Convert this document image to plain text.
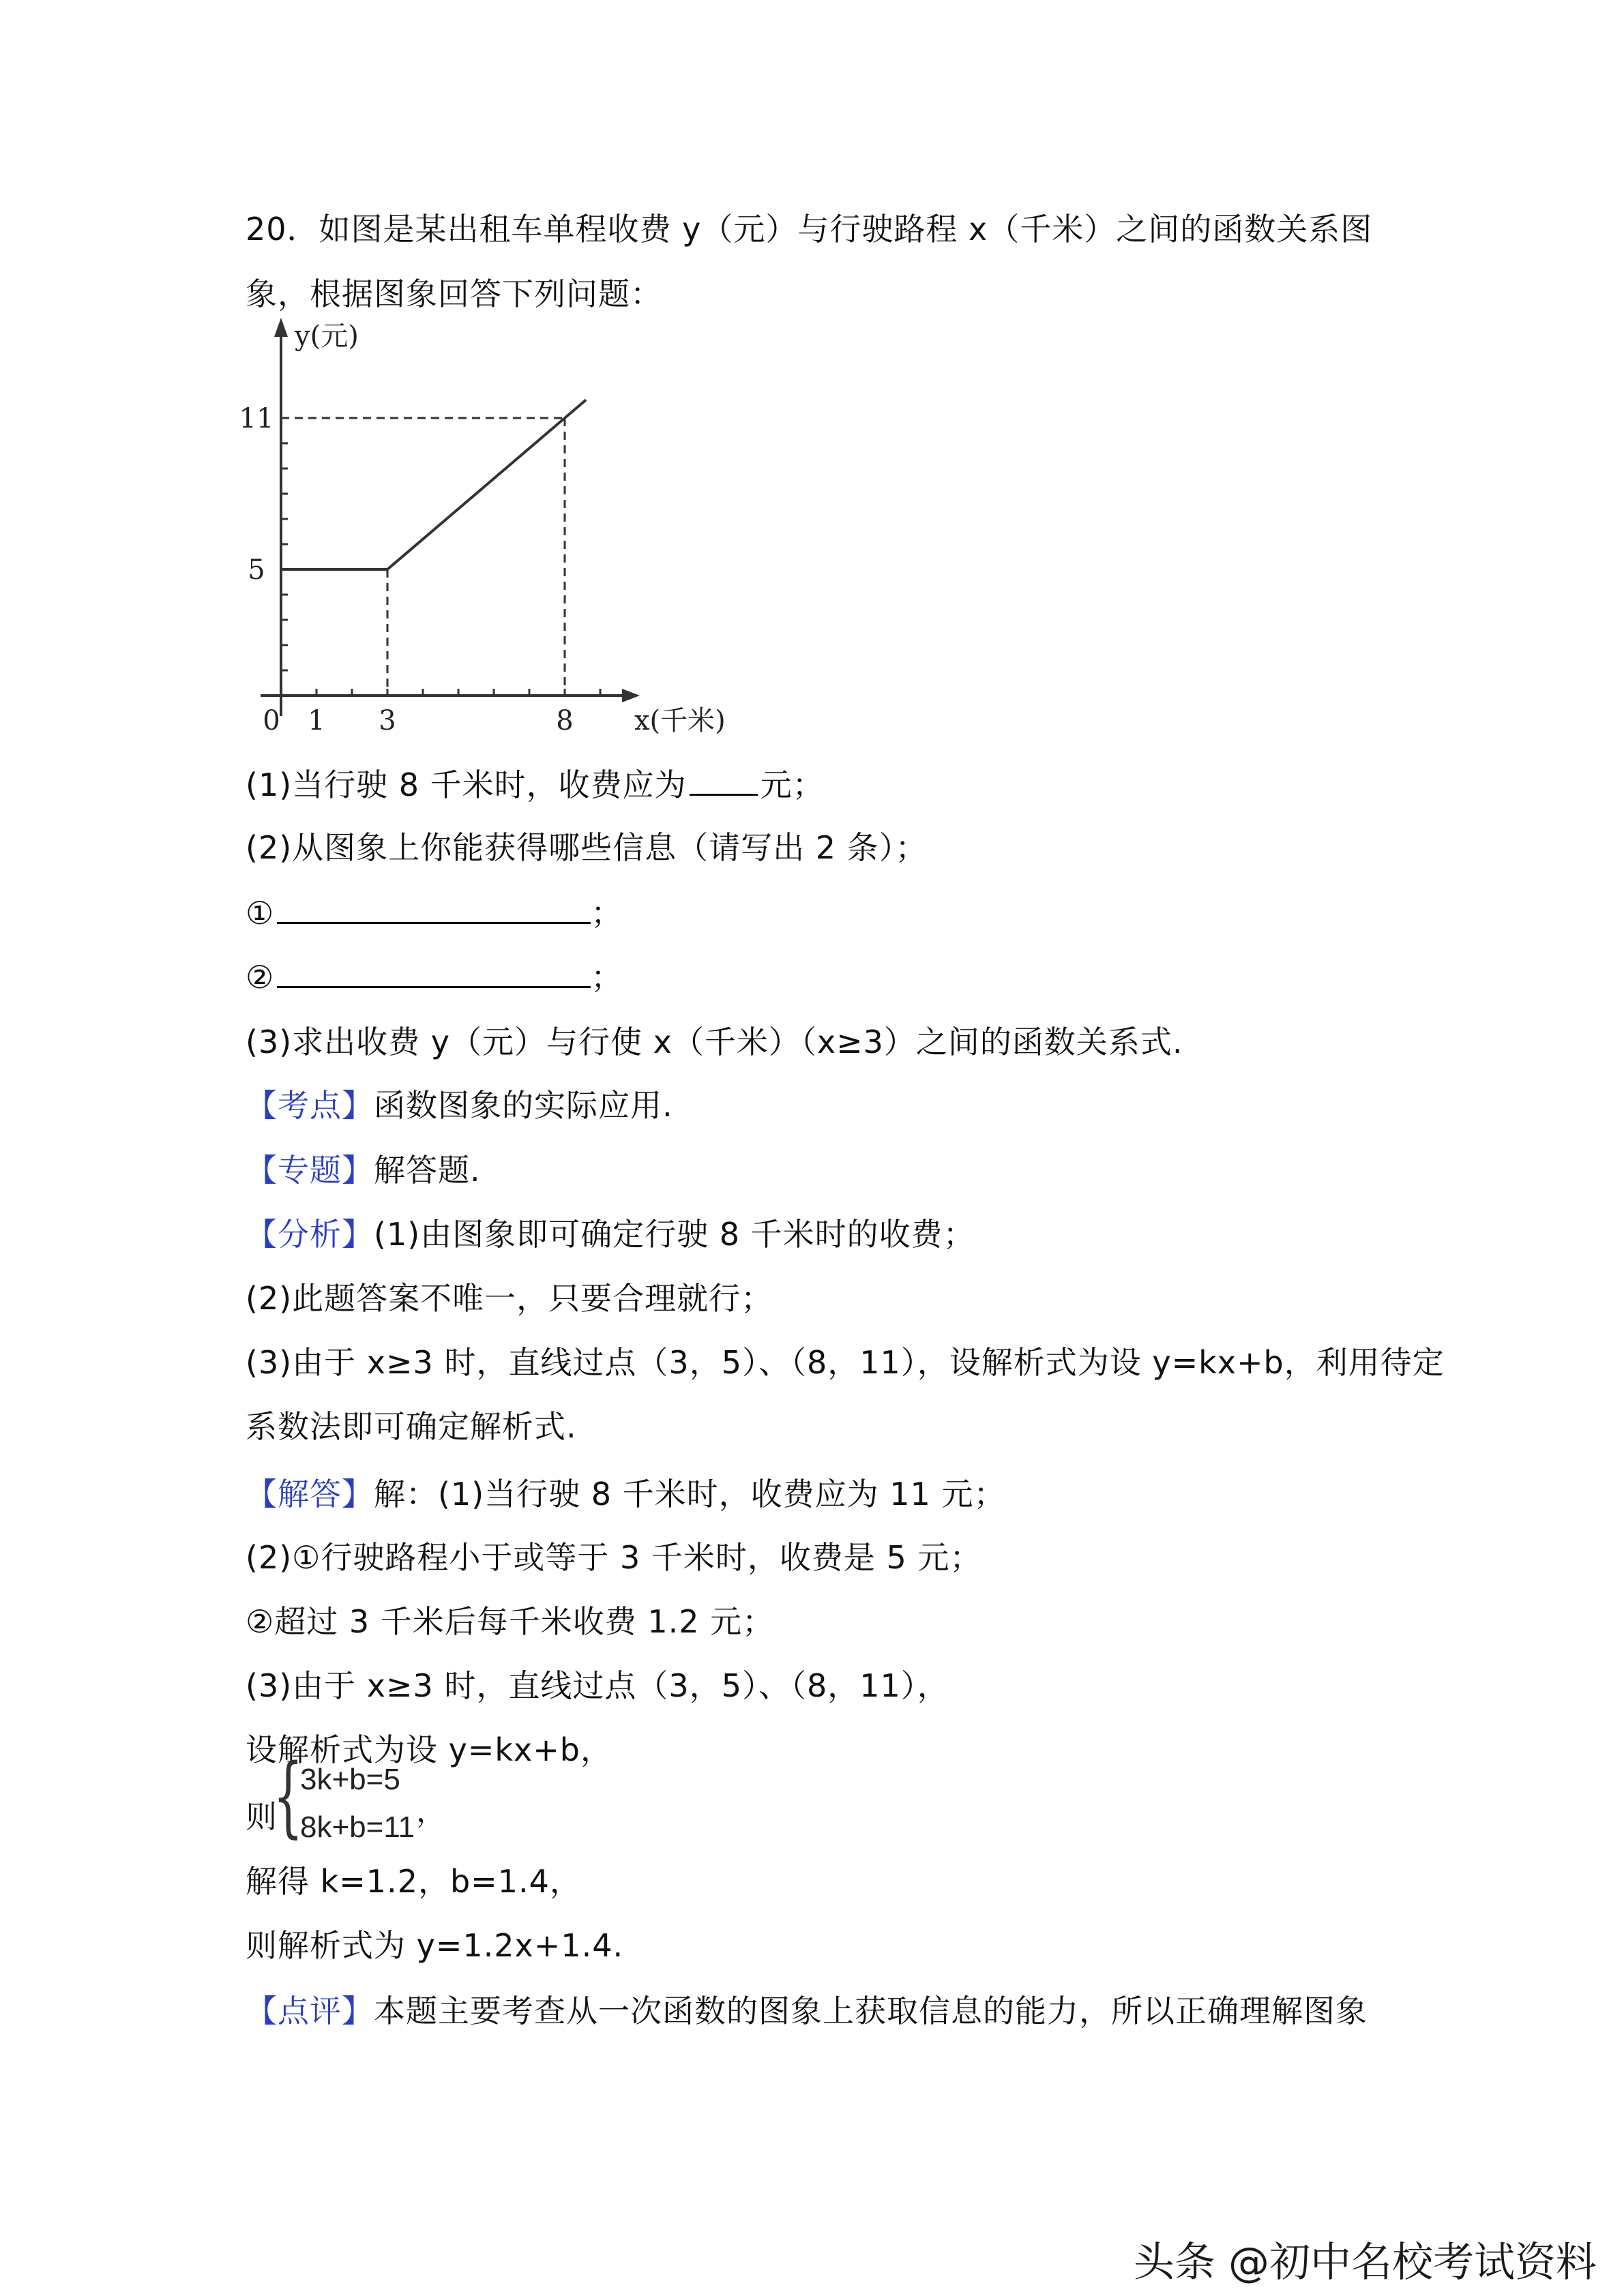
20．如图是某出租车单程收费 y（元）与行驶路程 x（千米）之间的函数关系图
象，根据图象回答下列问题：
y(元)
x(千米)
0
11
5
1 3	8
(1)当行驶 8 千米时，收费应为 元；
(2)从图象上你能获得哪些信息（请写出 2 条）；
①	；
②	；
(3)求出收费 y（元）与行使 x（千米）（x≥3）之间的函数关系式.
【考点】函数图象的实际应用.
【专题】解答题.
【分析】(1)由图象即可确定行驶 8 千米时的收费；
(2)此题答案不唯一，只要合理就行；
(3)由于 x≥3 时，直线过点（3，5）、（8，11），设解析式为设 y=kx+b，利用待定
系数法即可确定解析式.
【解答】解：(1)当行驶 8 千米时，收费应为 11 元；
(2)①行驶路程小于或等于 3 千米时，收费是 5 元；
②超过 3 千米后每千米收费 1.2 元；
(3)由于 x≥3 时，直线过点（3，5）、（8，11），
设解析式为设 y=kx+b，
则
{
3k+b=5
8k+b=11 ，
解得 k=1.2，b=1.4，
则解析式为 y=1.2x+1.4.
【点评】本题主要考查从一次函数的图象上获取信息的能力，所以正确理解图象
头条 @初中名校考试资料
